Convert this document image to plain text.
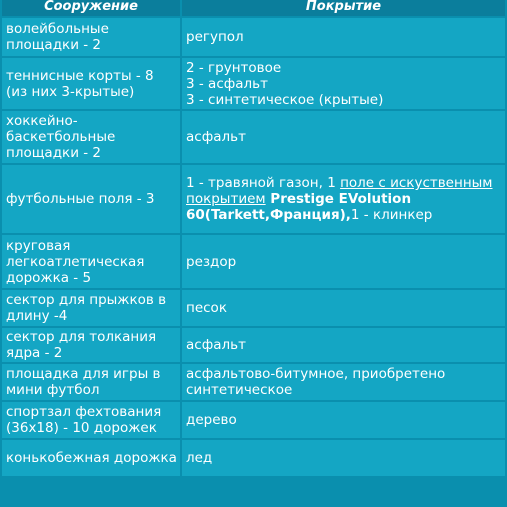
Сооружение	Покрытие
волейбольные площадки - 2	регупол

теннисные корты - 8 (из них 3-крытые)	2 - грунтовое
3 - асфальт
3 - синтетическое (крытые)

хоккейно-баскетбольные площадки - 2	асфальт

футбольные поля - 3	1 - травяной газон, 1 поле с искуственным покрытием Prestige EVolution 60(Tarkett,Франция),1 - клинкер
круговая легкоатлетическая дорожка - 5	рездор

сектор для прыжков в длину -4	песок

сектор для толкания ядра - 2	асфальт

площадка для игры в мини футбол	асфальтово-битумное, приобретено синтетическое

спортзал фехтования (36х18) - 10 дорожек	дерево

конькобежная дорожка	лед
